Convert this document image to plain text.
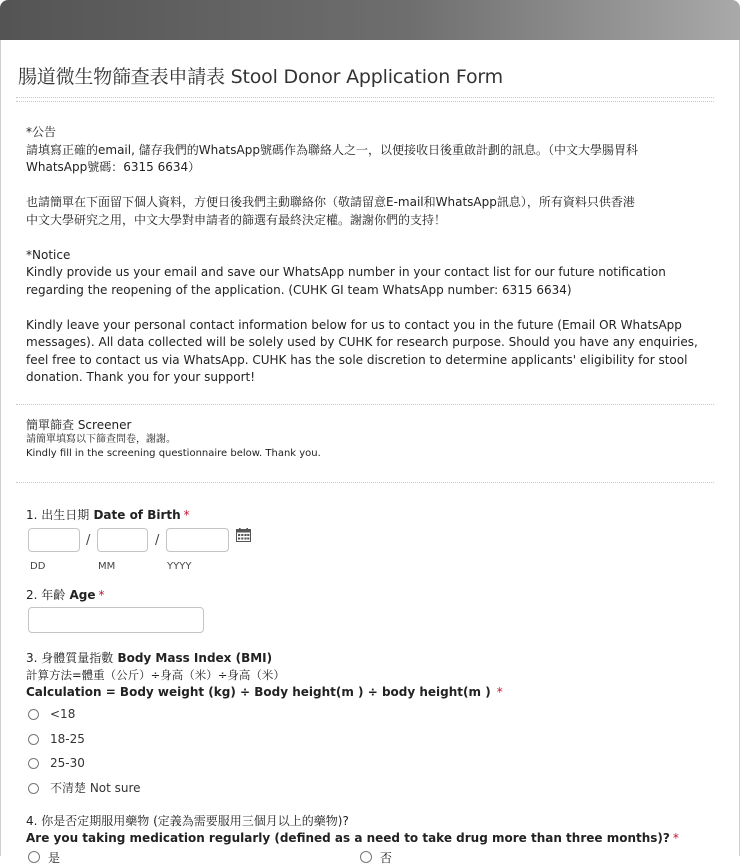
腸道微生物篩查表申請表 Stool Donor Application Form

*公告

請填寫正確的email, 儲存我們的WhatsApp號碼作為聯絡人之一，以便接收日後重啟計劃的訊息。（中文大學腸胃科

WhatsApp號碼：6315 6634）

也請簡單在下面留下個人資料，方便日後我們主動聯絡你（敬請留意E-mail和WhatsApp訊息），所有資料只供香港

中文大學研究之用，中文大學對申請者的篩選有最終決定權。謝謝你們的支持！

*Notice

Kindly provide us your email and save our WhatsApp number in your contact list for our future notification

regarding the reopening of the application. (CUHK GI team WhatsApp number: 6315 6634)

Kindly leave your personal contact information below for us to contact you in the future (Email OR WhatsApp

messages). All data collected will be solely used by CUHK for research purpose. Should you have any enquiries,

feel free to contact us via WhatsApp. CUHK has the sole discretion to determine applicants' eligibility for stool

donation. Thank you for your support!

簡單篩查 Screener
請簡單填寫以下篩查問卷，謝謝。
Kindly fill in the screening questionnaire below. Thank you.
1. 出生日期 Date of Birth *
/	/
DD	MM	YYYY
2. 年齡 Age *
3. 身體質量指數 Body Mass Index (BMI)
計算方法=體重（公斤）÷身高（米）÷身高（米）
Calculation = Body weight (kg) ÷ Body height(m ) ÷ body height(m ) *
<18
18-25
25-30
不清楚 Not sure
4. 你是否定期服用藥物 (定義為需要服用三個月以上的藥物)?
Are you taking medication regularly (defined as a need to take drug more than three months)? *
是	否
